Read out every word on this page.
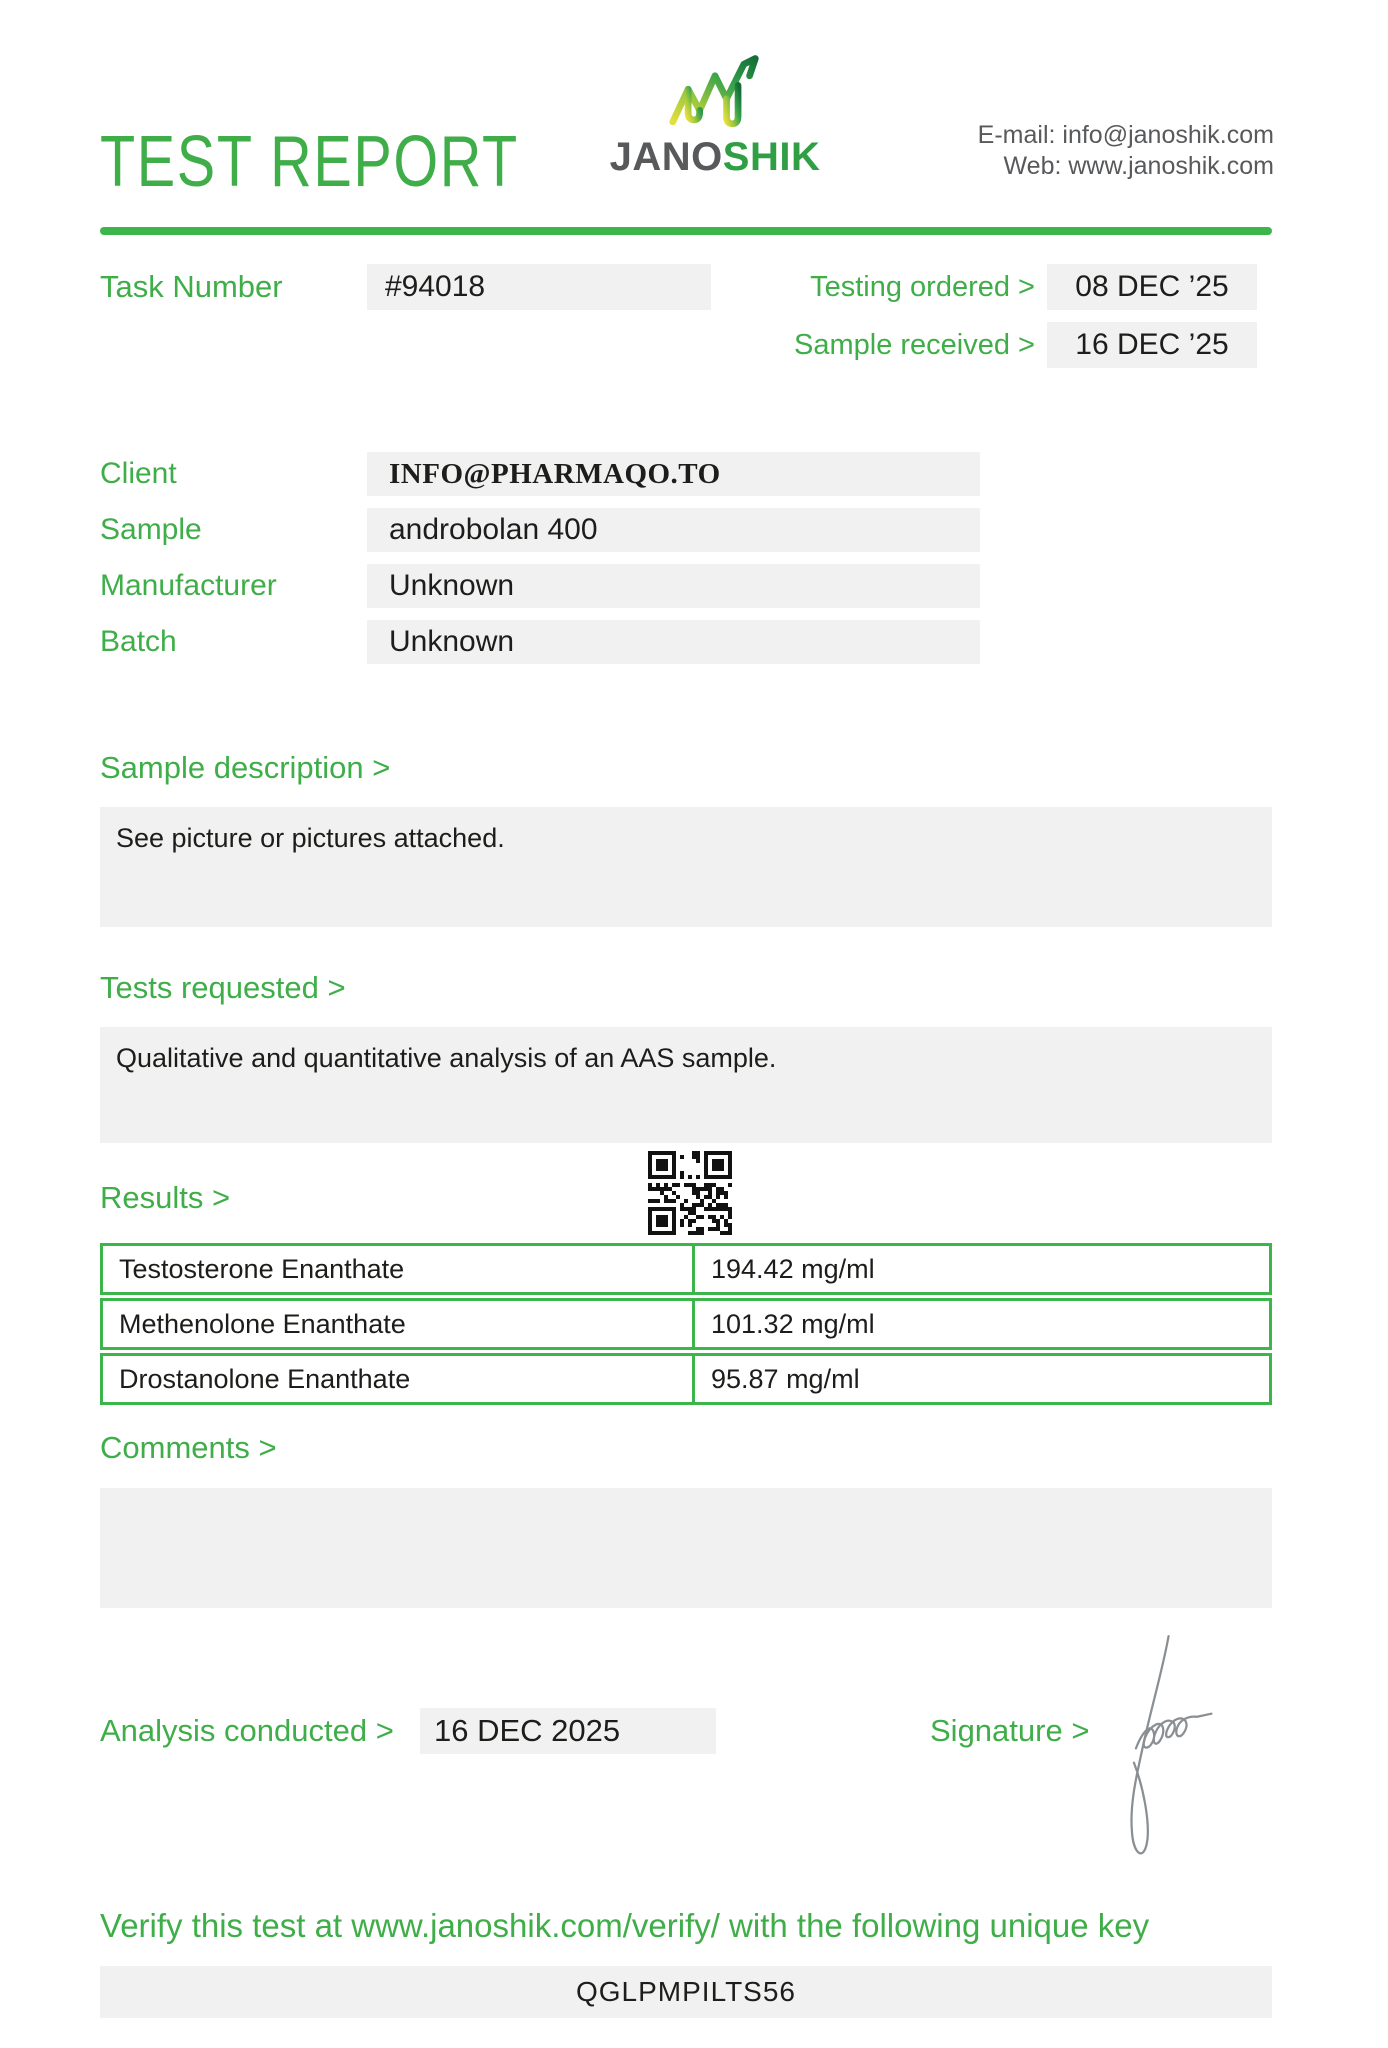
TEST REPORT JANOSHIK	E-mail: info@janoshik.com
Web: www.janoshik.com
Task Number	#94018	Testing ordered >	08 DEC ’25
Sample received >	16 DEC ’25
Client	INFO@PHARMAQO.TO
Sample	androbolan 400
Manufacturer	Unknown
Batch	Unknown
Sample description >
See picture or pictures attached.
Tests requested >
Qualitative and quantitative analysis of an AAS sample.
Results >
Testosterone Enanthate	194.42 mg/ml
Methenolone Enanthate	101.32 mg/ml
Drostanolone Enanthate	95.87 mg/ml
Comments >
Analysis conducted >	16 DEC 2025	Signature >
Verify this test at www.janoshik.com/verify/ with the following unique key
QGLPMPILTS56
